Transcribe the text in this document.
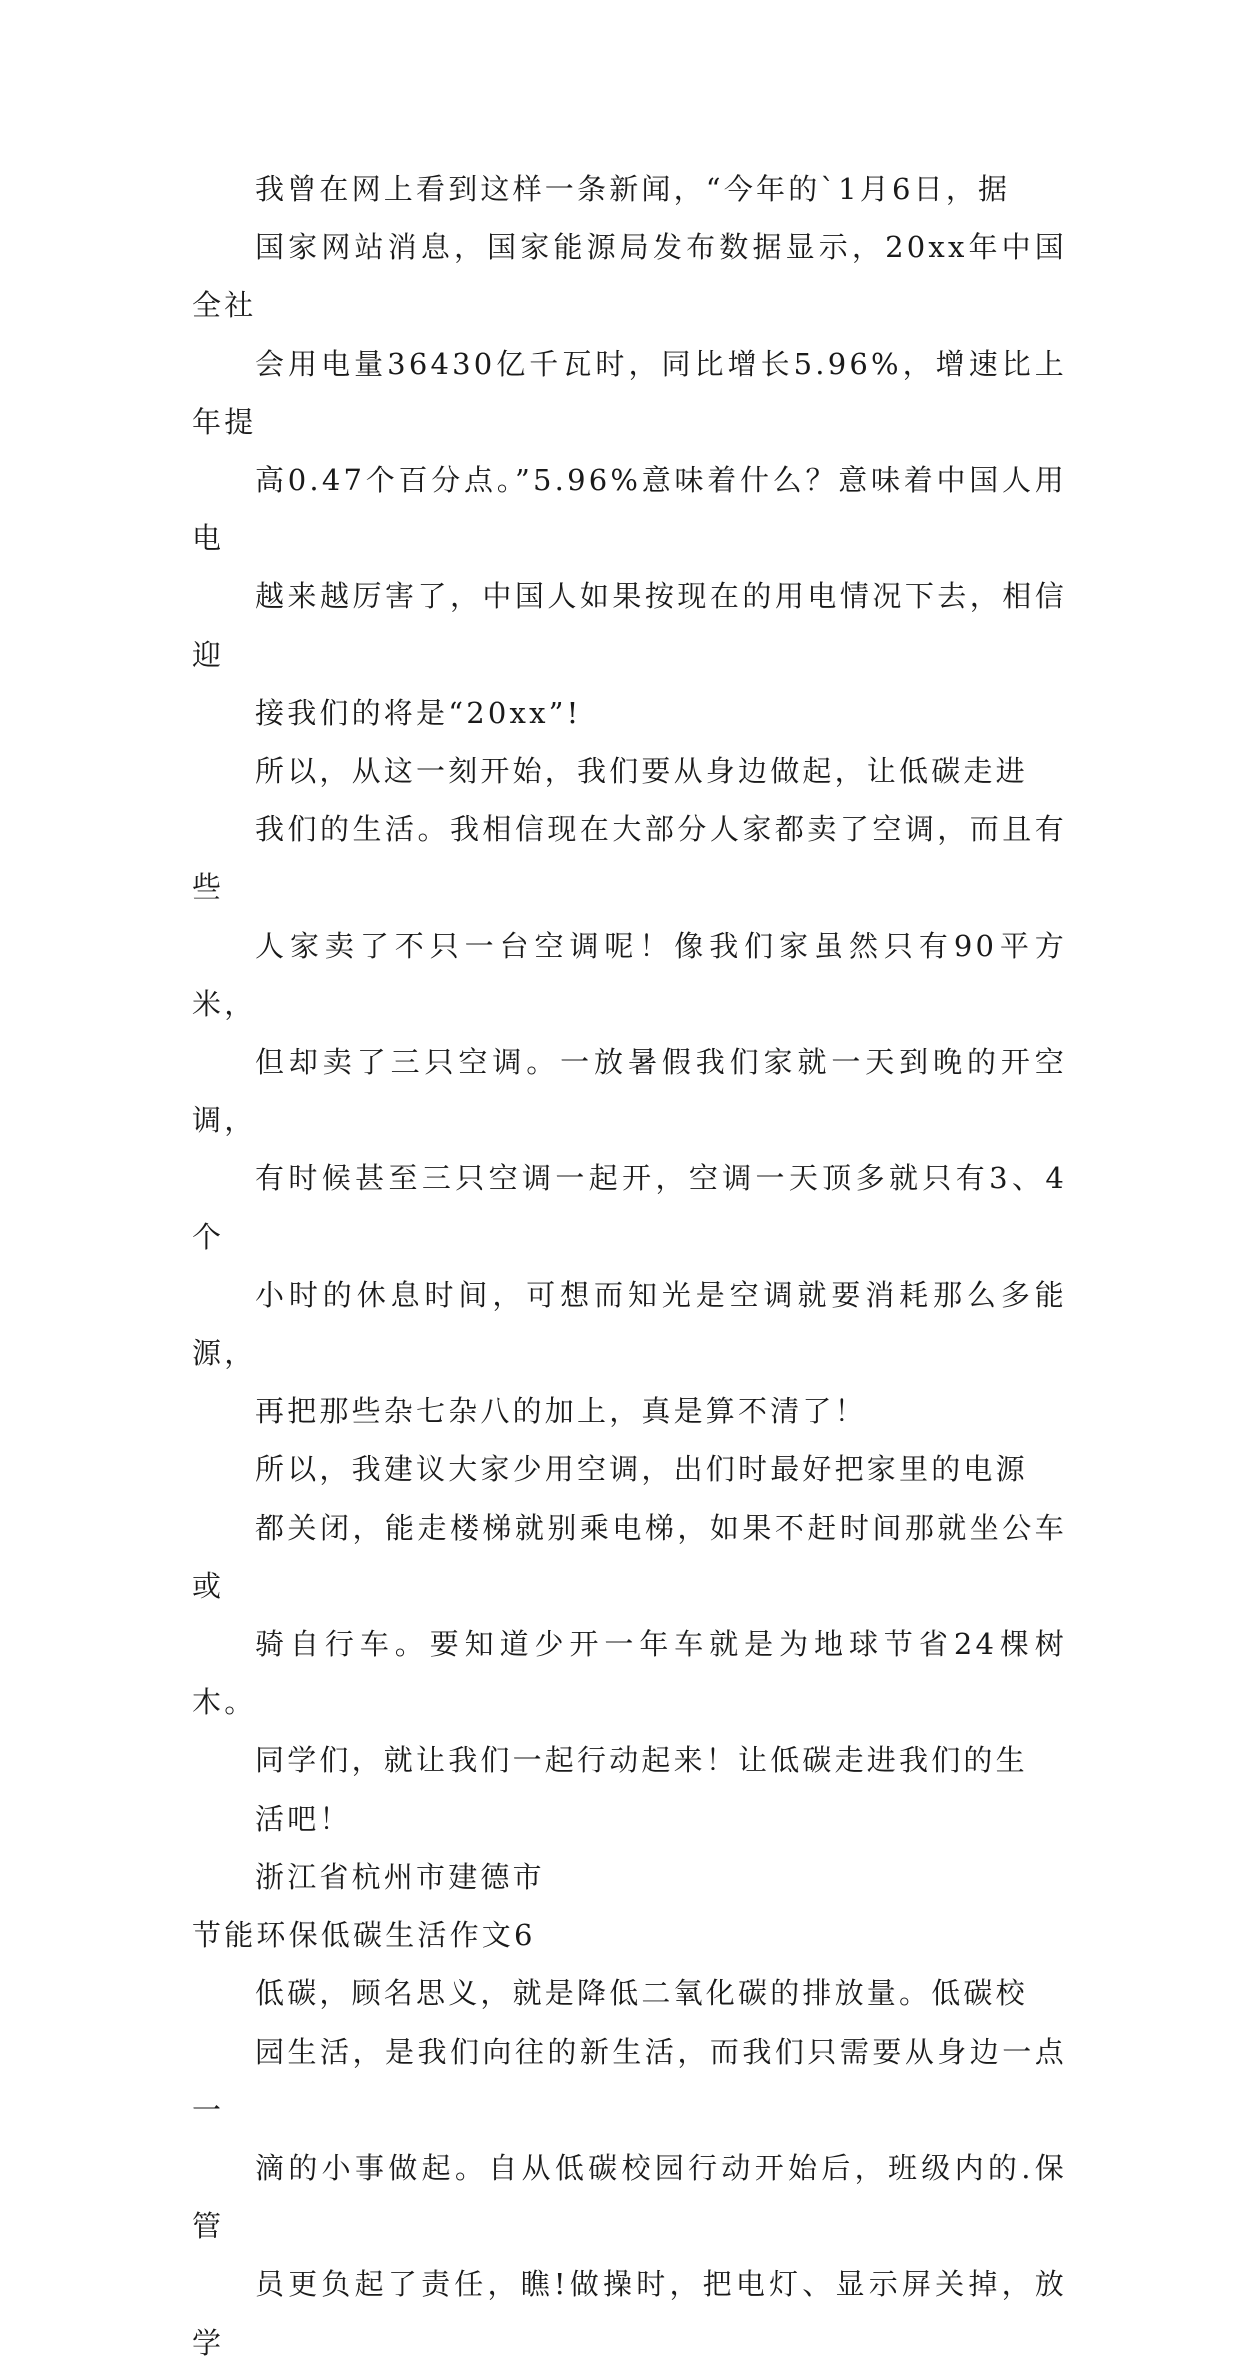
我曾在网上看到这样一条新闻，“今年的`1月6日，据
国家网站消息，国家能源局发布数据显示，20xx年中国全社
会用电量36430亿千瓦时，同比增长5.96%，增速比上年提
高0.47个百分点。”5.96%意味着什么？意味着中国人用电
越来越厉害了，中国人如果按现在的用电情况下去，相信迎
接我们的将是“20xx”!

所以，从这一刻开始，我们要从身边做起，让低碳走进
我们的生活。我相信现在大部分人家都卖了空调，而且有些
人家卖了不只一台空调呢！像我们家虽然只有90平方米，
但却卖了三只空调。一放暑假我们家就一天到晚的开空调，
有时候甚至三只空调一起开，空调一天顶多就只有3、4个
小时的休息时间，可想而知光是空调就要消耗那么多能源，
再把那些杂七杂八的加上，真是算不清了！

所以，我建议大家少用空调，出们时最好把家里的电源
都关闭，能走楼梯就别乘电梯，如果不赶时间那就坐公车或
骑自行车。要知道少开一年车就是为地球节省24棵树木。

同学们，就让我们一起行动起来！让低碳走进我们的生
活吧！

浙江省杭州市建德市

节能环保低碳生活作文6

低碳，顾名思义，就是降低二氧化碳的排放量。低碳校
园生活，是我们向往的新生活，而我们只需要从身边一点一
滴的小事做起。自从低碳校园行动开始后，班级内的.保管
员更负起了责任，瞧!做操时，把电灯、显示屏关掉，放学
